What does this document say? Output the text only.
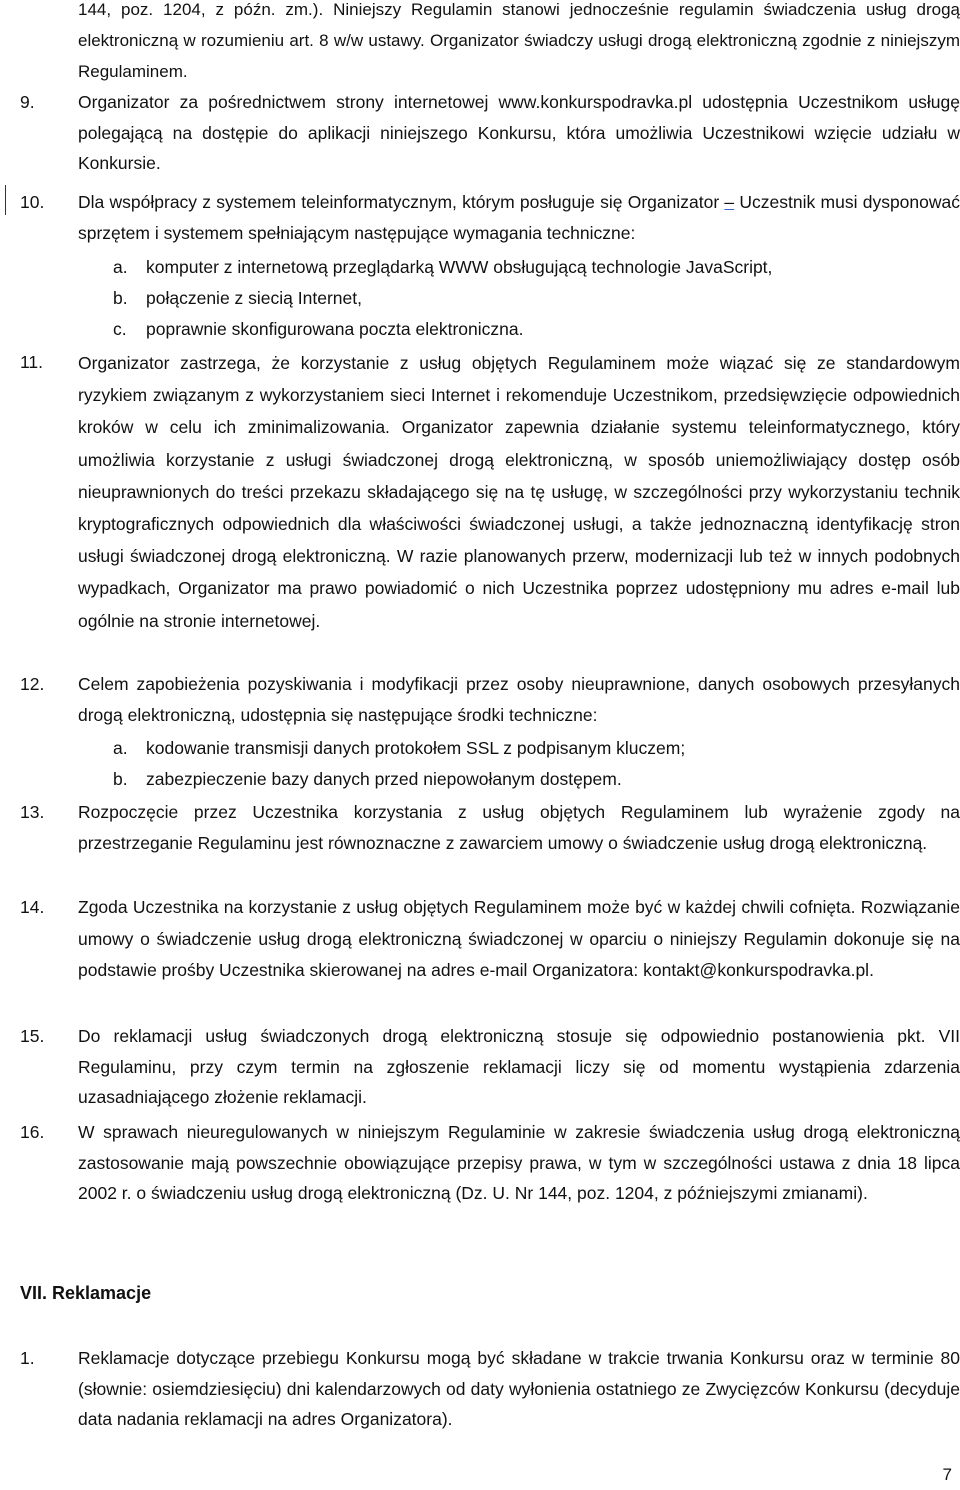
144, poz. 1204, z późn. zm.). Niniejszy Regulamin stanowi jednocześnie regulamin świadczenia usług drogą elektroniczną w rozumieniu art. 8 w/w ustawy. Organizator świadczy usługi drogą elektroniczną zgodnie z niniejszym Regulaminem.
9. Organizator za pośrednictwem strony internetowej www.konkurspodravka.pl udostępnia Uczestnikom usługę polegającą na dostępie do aplikacji niniejszego Konkursu, która umożliwia Uczestnikowi wzięcie udziału w Konkursie.
10. Dla współpracy z systemem teleinformatycznym, którym posługuje się Organizator – Uczestnik musi dysponować sprzętem i systemem spełniającym następujące wymagania techniczne:
a. komputer z internetową przeglądarką WWW obsługującą technologie JavaScript,
b. połączenie z siecią Internet,
c. poprawnie skonfigurowana poczta elektroniczna.
11. Organizator zastrzega, że korzystanie z usług objętych Regulaminem może wiązać się ze standardowym ryzykiem związanym z wykorzystaniem sieci Internet i rekomenduje Uczestnikom, przedsięwzięcie odpowiednich kroków w celu ich zminimalizowania. Organizator zapewnia działanie systemu teleinformatycznego, który umożliwia korzystanie z usługi świadczonej drogą elektroniczną, w sposób uniemożliwiający dostęp osób nieuprawnionych do treści przekazu składającego się na tę usługę, w szczególności przy wykorzystaniu technik kryptograficznych odpowiednich dla właściwości świadczonej usługi, a także jednoznaczną identyfikację stron usługi świadczonej drogą elektroniczną. W razie planowanych przerw, modernizacji lub też w innych podobnych wypadkach, Organizator ma prawo powiadomić o nich Uczestnika poprzez udostępniony mu adres e-mail lub ogólnie na stronie internetowej.
12. Celem zapobieżenia pozyskiwania i modyfikacji przez osoby nieuprawnione, danych osobowych przesyłanych drogą elektroniczną, udostępnia się następujące środki techniczne:
a. kodowanie transmisji danych protokołem SSL z podpisanym kluczem;
b. zabezpieczenie bazy danych przed niepowołanym dostępem.
13. Rozpoczęcie przez Uczestnika korzystania z usług objętych Regulaminem lub wyrażenie zgody na przestrzeganie Regulaminu jest równoznaczne z zawarciem umowy o świadczenie usług drogą elektroniczną.
14. Zgoda Uczestnika na korzystanie z usług objętych Regulaminem może być w każdej chwili cofnięta. Rozwiązanie umowy o świadczenie usług drogą elektroniczną świadczonej w oparciu o niniejszy Regulamin dokonuje się na podstawie prośby Uczestnika skierowanej na adres e-mail Organizatora: kontakt@konkurspodravka.pl.
15. Do reklamacji usług świadczonych drogą elektroniczną stosuje się odpowiednio postanowienia pkt. VII Regulaminu, przy czym termin na zgłoszenie reklamacji liczy się od momentu wystąpienia zdarzenia uzasadniającego złożenie reklamacji.
16. W sprawach nieuregulowanych w niniejszym Regulaminie w zakresie świadczenia usług drogą elektroniczną zastosowanie mają powszechnie obowiązujące przepisy prawa, w tym w szczególności ustawa z dnia 18 lipca 2002 r. o świadczeniu usług drogą elektroniczną (Dz. U. Nr 144, poz. 1204, z późniejszymi zmianami).
VII. Reklamacje
1. Reklamacje dotyczące przebiegu Konkursu mogą być składane w trakcie trwania Konkursu oraz w terminie 80 (słownie: osiemdziesięciu) dni kalendarzowych od daty wyłonienia ostatniego ze Zwycięzców Konkursu (decyduje data nadania reklamacji na adres Organizatora).
7
